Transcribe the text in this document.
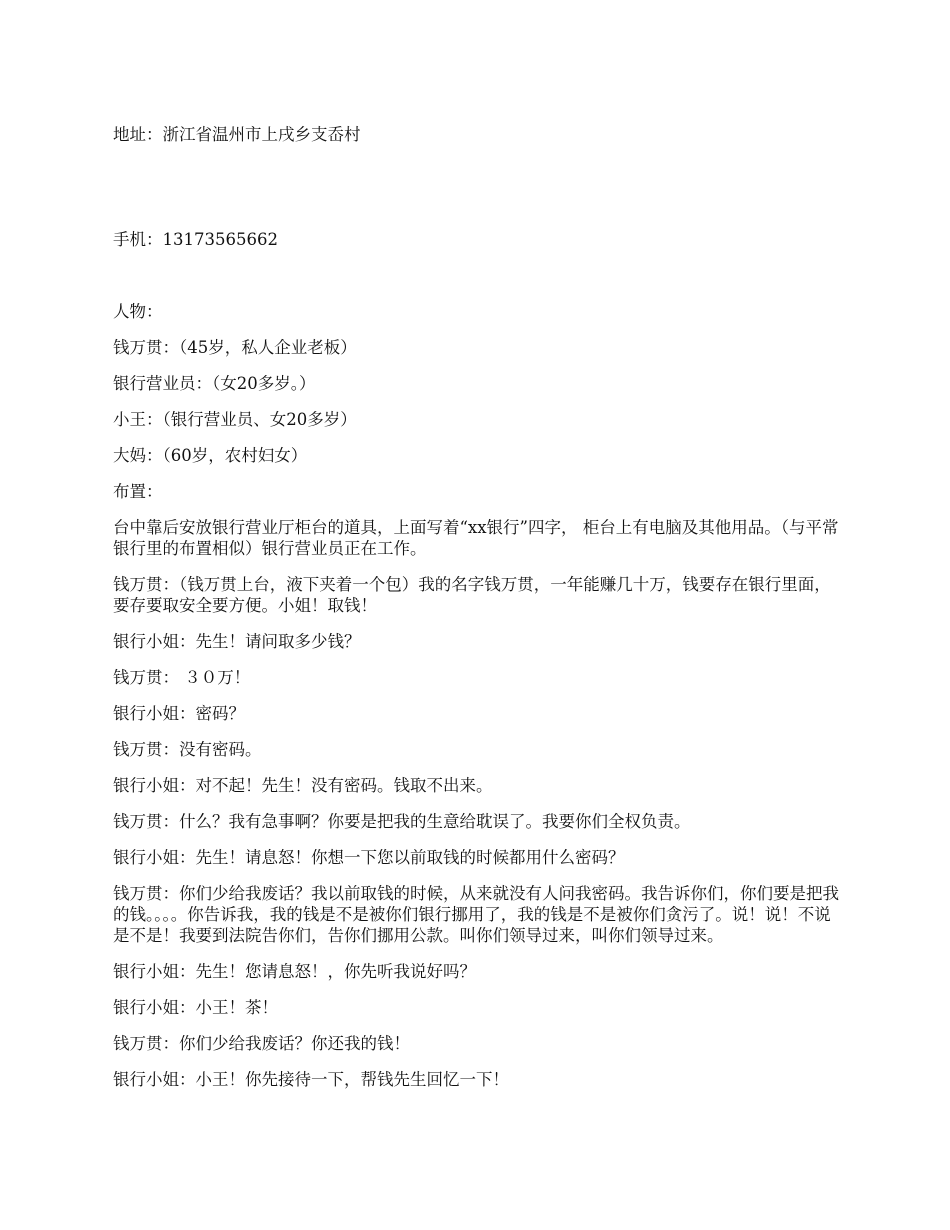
地址：浙江省温州市上戌乡支岙村

手机：13173565662

人物：

钱万贯：（45岁，私人企业老板）

银行营业员：（女20多岁。）

小王：（银行营业员、女20多岁）

大妈：（60岁，农村妇女）

布置：

台中靠后安放银行营业厅柜台的道具，上面写着“xx银行”四字， 柜台上有电脑及其他用品。（与平常银行里的布置相似）银行营业员正在工作。

钱万贯：（钱万贯上台，液下夹着一个包）我的名字钱万贯，一年能赚几十万，钱要存在银行里面，要存要取安全要方便。小姐！取钱！

银行小姐：先生！请问取多少钱？

钱万贯： ３０万！

银行小姐：密码？

钱万贯：没有密码。

银行小姐：对不起！先生！没有密码。钱取不出来。

钱万贯：什么？我有急事啊？你要是把我的生意给耽误了。我要你们全权负责。

银行小姐：先生！请息怒！你想一下您以前取钱的时候都用什么密码？

钱万贯：你们少给我废话？我以前取钱的时候，从来就没有人问我密码。我告诉你们，你们要是把我的钱。。。。你告诉我，我的钱是不是被你们银行挪用了，我的钱是不是被你们贪污了。说！说！不说是不是！我要到法院告你们，告你们挪用公款。叫你们领导过来，叫你们领导过来。

银行小姐：先生！您请息怒！，你先听我说好吗？

银行小姐：小王！茶！

钱万贯：你们少给我废话？你还我的钱！

银行小姐：小王！你先接待一下，帮钱先生回忆一下！
